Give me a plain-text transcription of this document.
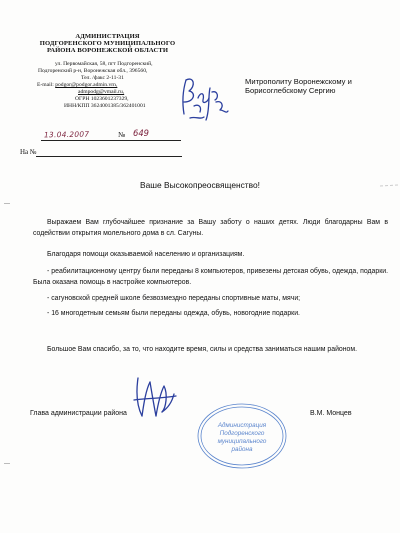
АДМИНИСТРАЦИЯ
ПОДГОРЕНСКОГО МУНИЦИПАЛЬНОГО
РАЙОНА ВОРОНЕЖСКОЙ ОБЛАСТИ
ул. Первомайская, 58, пгт Подгоренский,
Подгоренский р-н, Воронежская обл., 396560,
Тел. /факс 2-11-31
E-mail: podgor@podgor.admin.vrn,
admpodg@vmail.ru,
ОГРН 1023601237329,
ИНН/КПП 3624001385/362401001
13.04.2007	№ 649
На №
Митрополиту Воронежскому и
Борисоглебскому Сергию
Ваше Высокопреосвященство!

Выражаем Вам глубочайшее признание за Вашу заботу о наших детях. Люди благодарны Вам в содействии открытия молельного дома в сл. Сагуны.

Благодаря помощи оказываемой населению и организациям.

- реабилитационному центру были переданы 8 компьютеров, привезены детская обувь, одежда, подарки. Была оказана помощь в настройке компьютеров.

- сагуновской средней школе безвозмездно переданы спортивные маты, мячи;

- 16 многодетным семьям были переданы одежда, обувь, новогодние подарки.

Большое Вам спасибо, за то, что находите время, силы и средства заниматься нашим районом.

Глава администрации района	В.М. Монцев
Администрация
Подгоренского
муниципального
района
